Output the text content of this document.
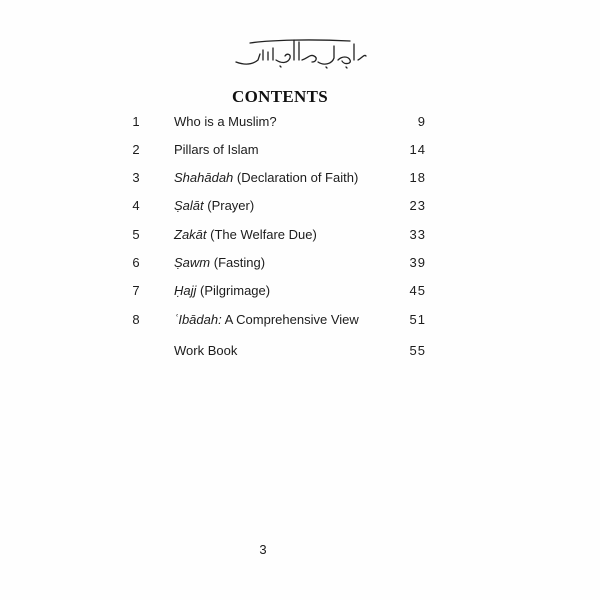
CONTENTS
1	Who is a Muslim?	9
2	Pillars of Islam	14
3	Shahādah (Declaration of Faith)	18
4	Ṣalāt (Prayer)	23
5	Zakāt (The Welfare Due)	33
6	Ṣawm (Fasting)	39
7	Ḥajj (Pilgrimage)	45
8	ʿIbādah: A Comprehensive View	51
Work Book	55
3
